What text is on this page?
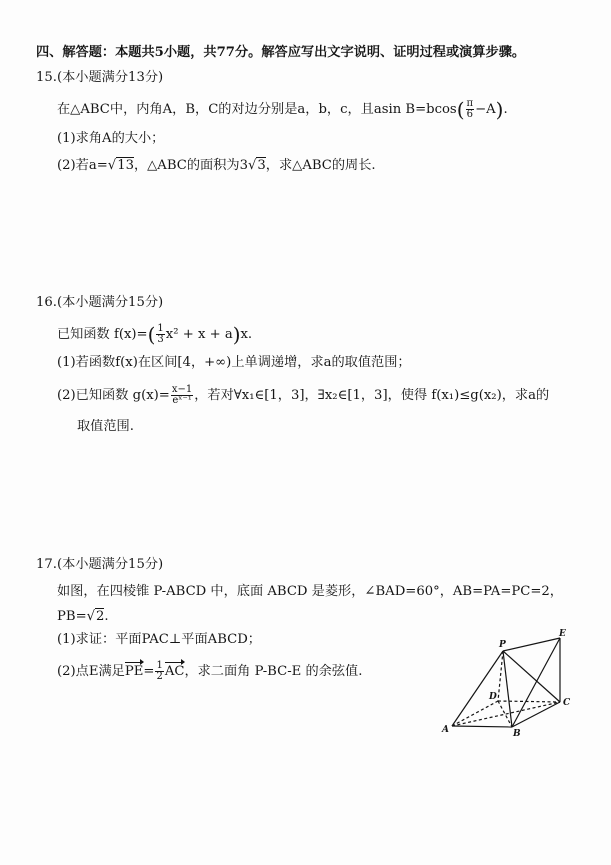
四、解答题：本题共5小题，共77分。解答应写出文字说明、证明过程或演算步骤。
15.(本小题满分13分)
在△ABC中，内角A，B，C的对边分别是a，b，c，且asin $B=bcos( \frac{\pi}{6} -A)$.
(1)求角A的大小；
(2)若a=√13，△ABC的面积为3√3，求△ABC的周长.
16.(本小题满分15分)
已知函数 $f(x)=( \frac{1}{3} x^2 + x + a)x$.
(1)若函数f(x)在区间[4，+∞)上单调递增，求a的取值范围；
(2)已知函数 $g(x)= \frac{x-1}{\text{eˣ⁻¹}}$ ，若对∀x₁∈[1，3]，∃x₂∈[1，3]，使得 f(x₁)≤g(x₂)，求a的
取值范围.
17.(本小题满分15分)
如图，在四棱锥 P-ABCD 中，底面 ABCD 是菱形，∠BAD=60°，AB=PA=PC=2，
PB=√2.
(1)求证：平面PAC⊥平面ABCD；
(2)点E满足$PE= \frac{1}{2}$ AC，求二面角 P-BC-E 的余弦值.
P
E
D
C
A	B
